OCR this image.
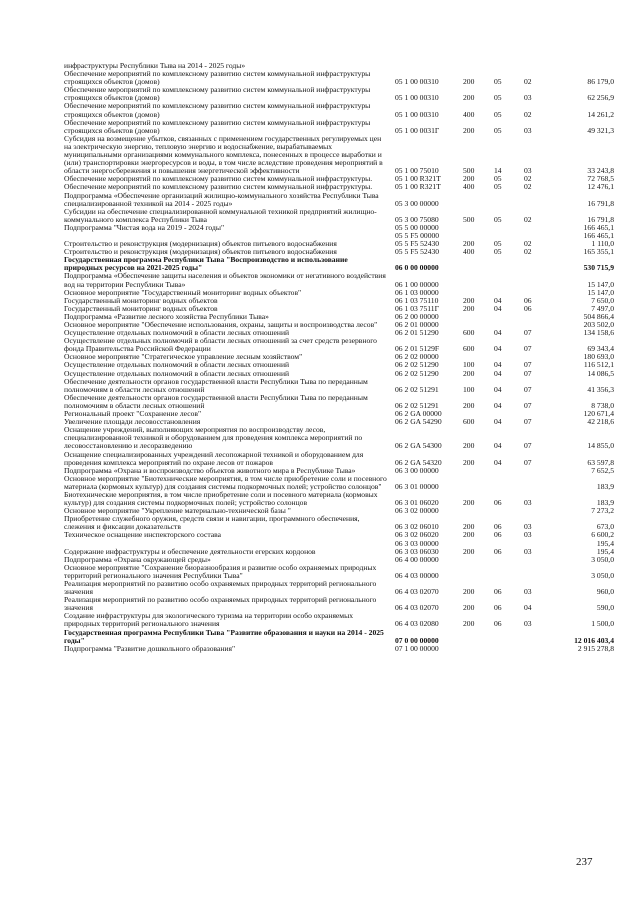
инфраструктуры Республики Тыва на 2014 - 2025 годы»
Обеспечение мероприятий по комплексному развитию систем коммунальной инфраструктуры строящихся объектов (домов)	05 1 00 00310	200	05	02	86 179,0
Обеспечение мероприятий по комплексному развитию систем коммунальной инфраструктуры строящихся объектов (домов)	05 1 00 00310	200	05	03	62 256,9
Обеспечение мероприятий по комплексному развитию систем коммунальной инфраструктуры строящихся объектов (домов)	05 1 00 00310	400	05	02	14 261,2
Обеспечение мероприятий по комплексному развитию систем коммунальной инфраструктуры строящихся объектов (домов)	05 1 00 0031Г	200	05	03	49 321,3
Субсидия на возмещение убытков, связанных с применением государственных регулируемых цен на электрическую энергию, тепловую энергию и водоснабжение, вырабатываемых муниципальными организациями коммунального комплекса, понесенных в процессе выработки и (или) транспортировки энергоресурсов и воды, в том числе вследствие проведения мероприятий в области энергосбережения и повышения энергетической эффективности	05 1 00 75010	500	14	03	33 243,8
Обеспечение мероприятий по комплексному развитию систем коммунальной инфраструктуры.	05 1 00 R321T	200	05	02	72 768,5
Обеспечение мероприятий по комплексному развитию систем коммунальной инфраструктуры.	05 1 00 R321T	400	05	02	12 476,1
Подпрограмма «Обеспечение организаций жилищно-коммунального хозяйства Республики Тыва специализированной техникой на 2014 - 2025 годы»	05 3 00 00000	16 791,8
Субсидии на обеспечение специализированной коммунальной техникой предприятий жилищно-коммунального комплекса Республики Тыва	05 3 00 75080	500	05	02	16 791,8
Подпрограмма "Чистая вода на 2019 - 2024 годы"	05 5 00 00000	166 465,1

05 5 F5 00000	166 465,1
Строительство и реконструкция (модернизация) объектов питьевого водоснабжения	05 5 F5 52430	200	05	02	1 110,0
Строительство и реконструкция (модернизация) объектов питьевого водоснабжения	05 5 F5 52430	400	05	02	165 355,1
Государственная программа Республики Тыва "Воспроизводство и использование природных ресурсов на 2021-2025 годы"	06 0 00 00000	530 715,9
Подпрограмма «Обеспечение защиты населения и объектов экономики от негативного воздействия вод на территории Республики Тыва»	06 1 00 00000	15 147,0
Основное мероприятие "Государственный мониторинг водных объектов"	06 1 03 00000	15 147,0
Государственный мониторинг водных объектов	06 1 03 75110	200	04	06	7 650,0
Государственный мониторинг водных объектов	06 1 03 7511Г	200	04	06	7 497,0
Подпрограмма «Развитие лесного хозяйства Республики Тыва»	06 2 00 00000	504 866,4
Основное мероприятие "Обеспечение использования, охраны, защиты и воспроизводства лесов"	06 2 01 00000	203 502,0
Осуществление отдельных полномочий в области лесных отношений	06 2 01 51290	600	04	07	134 158,6
Осуществление отдельных полномочий в области лесных отношений за счет средств резервного фонда Правительства Российской Федерации	06 2 01 5129F	600	04	07	69 343,4
Основное мероприятие "Стратегическое управление лесным хозяйством"	06 2 02 00000	180 693,0
Осуществление отдельных полномочий в области лесных отношений	06 2 02 51290	100	04	07	116 512,1
Осуществление отдельных полномочий в области лесных отношений	06 2 02 51290	200	04	07	14 086,5
Обеспечение деятельности органов государственной власти Республики Тыва по переданным полномочиям в области лесных отношений	06 2 02 51291	100	04	07	41 356,3
Обеспечение деятельности органов государственной власти Республики Тыва по переданным полномочиям в области лесных отношений	06 2 02 51291	200	04	07	8 738,0
Региональный проект "Сохранение лесов"	06 2 GA 00000	120 671,4
Увеличение площади лесовосстановления	06 2 GA 54290	600	04	07	42 218,6
Оснащение учреждений, выполняющих мероприятия по воспроизводству лесов, специализированной техникой и оборудованием для проведения комплекса мероприятий по лесовосстановлению и лесоразведению	06 2 GA 54300	200	04	07	14 855,0
Оснащение специализированных учреждений лесопожарной техникой и оборудованием для проведения комплекса мероприятий по охране лесов от пожаров	06 2 GA 54320	200	04	07	63 597,8
Подпрограмма «Охрана и воспроизводство объектов животного мира в Республике Тыва»	06 3 00 00000	7 652,5
Основное мероприятие "Биотехнические мероприятия, в том числе приобретение соли и посевного материала (кормовых культур) для создания системы подкормочных полей; устройство солонцов"	06 3 01 00000	183,9
Биотехнические мероприятия, в том числе приобретение соли и посевного материала (кормовых культур) для создания системы подкормочных полей; устройство солонцов	06 3 01 06020	200	06	03	183,9
Основное мероприятие "Укрепление материально-технической базы "	06 3 02 00000	7 273,2
Приобретение служебного оружия, средств связи и навигации, программного обеспечения, слежения и фиксации доказательств	06 3 02 06010	200	06	03	673,0
Техническое оснащение инспекторского состава	06 3 02 06020	200	06	03	6 600,2

06 3 03 00000	195,4
Содержание инфраструктуры и обеспечение деятельности егерских кордонов	06 3 03 06030	200	06	03	195,4
Подпрограмма «Охрана окружающей среды»	06 4 00 00000	3 050,0
Основное мероприятие "Сохранение биоразнообразия и развитие особо охраняемых природных территорий регионального значения Республики Тыва"	06 4 03 00000	3 050,0
Реализация мероприятий по развитию особо охраняемых природных территорий регионального значения	06 4 03 02070	200	06	03	960,0
Реализация мероприятий по развитию особо охраняемых природных территорий регионального значения	06 4 03 02070	200	06	04	590,0
Создание инфраструктуры для экологического туризма на территории особо охраняемых природных территорий регионального значения	06 4 03 02080	200	06	03	1 500,0
Государственная программа Республики Тыва "Развитие образования и науки на 2014 - 2025 годы"	07 0 00 00000	12 016 403,4
Подпрограмма "Развитие дошкольного образования"	07 1 00 00000	2 915 278,8
237
